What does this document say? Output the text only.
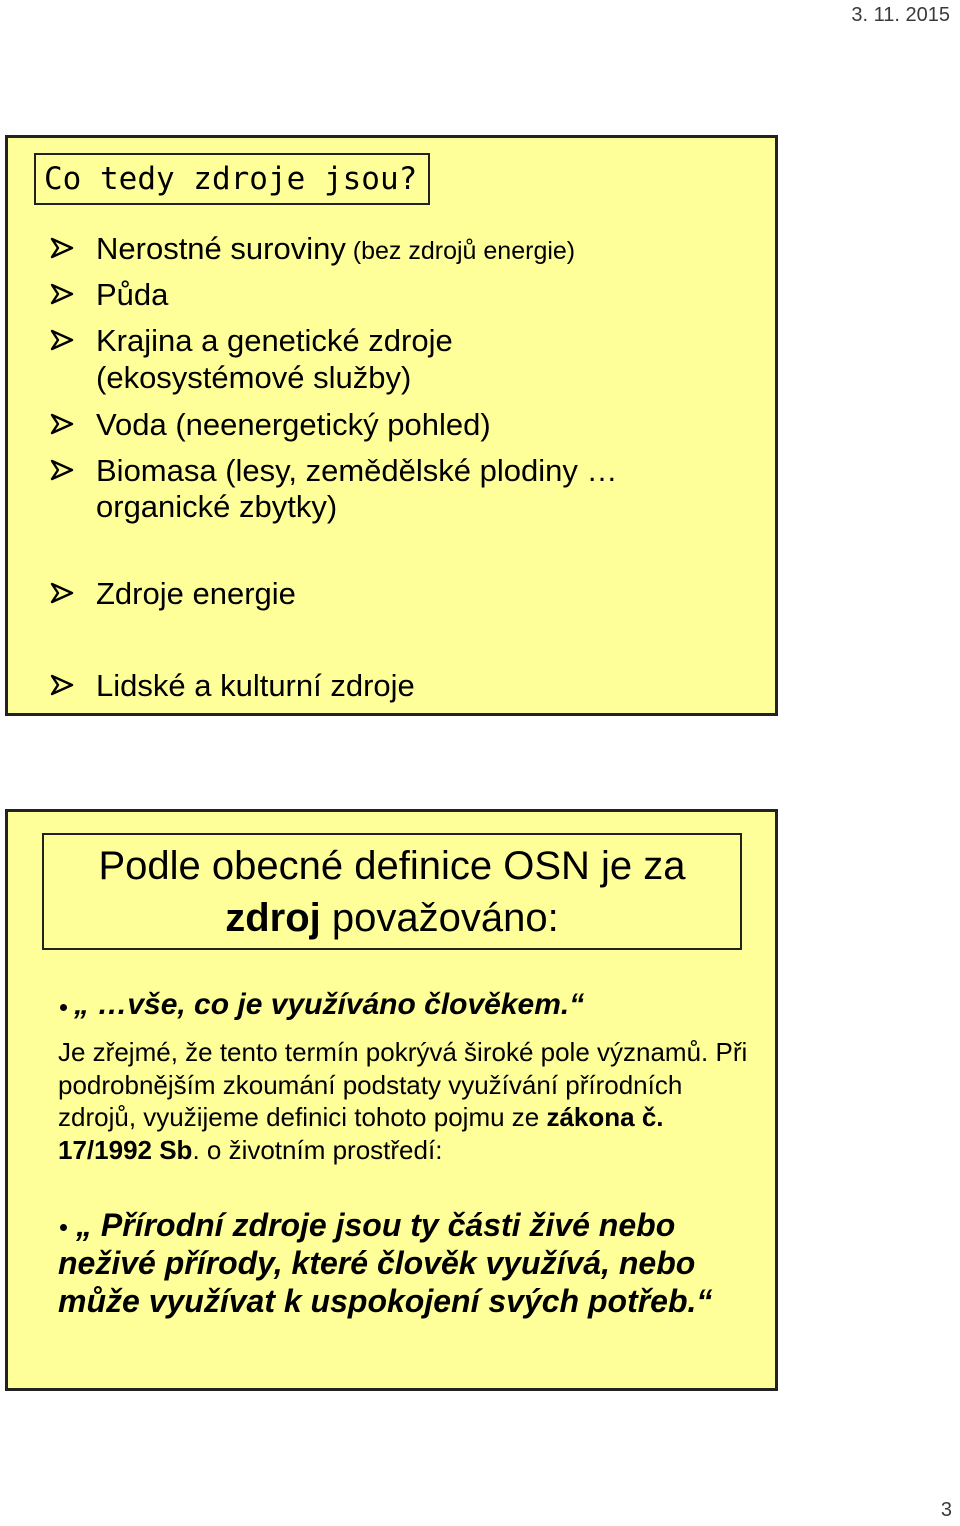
3. 11. 2015
Co tedy zdroje jsou?
Nerostné suroviny (bez zdrojů energie)
Půda
Krajina a genetické zdroje
(ekosystémové služby)
Voda (neenergetický pohled)
Biomasa (lesy, zemědělské plodiny …
organické zbytky)
Zdroje energie
Lidské a kulturní zdroje
Podle obecné definice OSN je za
zdroj považováno:
„ …vše, co je využíváno člověkem.“
Je zřejmé, že tento termín pokrývá široké pole významů. Při podrobnějším zkoumání podstaty využívání přírodních zdrojů, využijeme definici tohoto pojmu ze zákona č. 17/1992 Sb. o životním prostředí:
„ Přírodní zdroje jsou ty části živé nebo neživé přírody, které člověk využívá, nebo může využívat k uspokojení svých potřeb.“
3
